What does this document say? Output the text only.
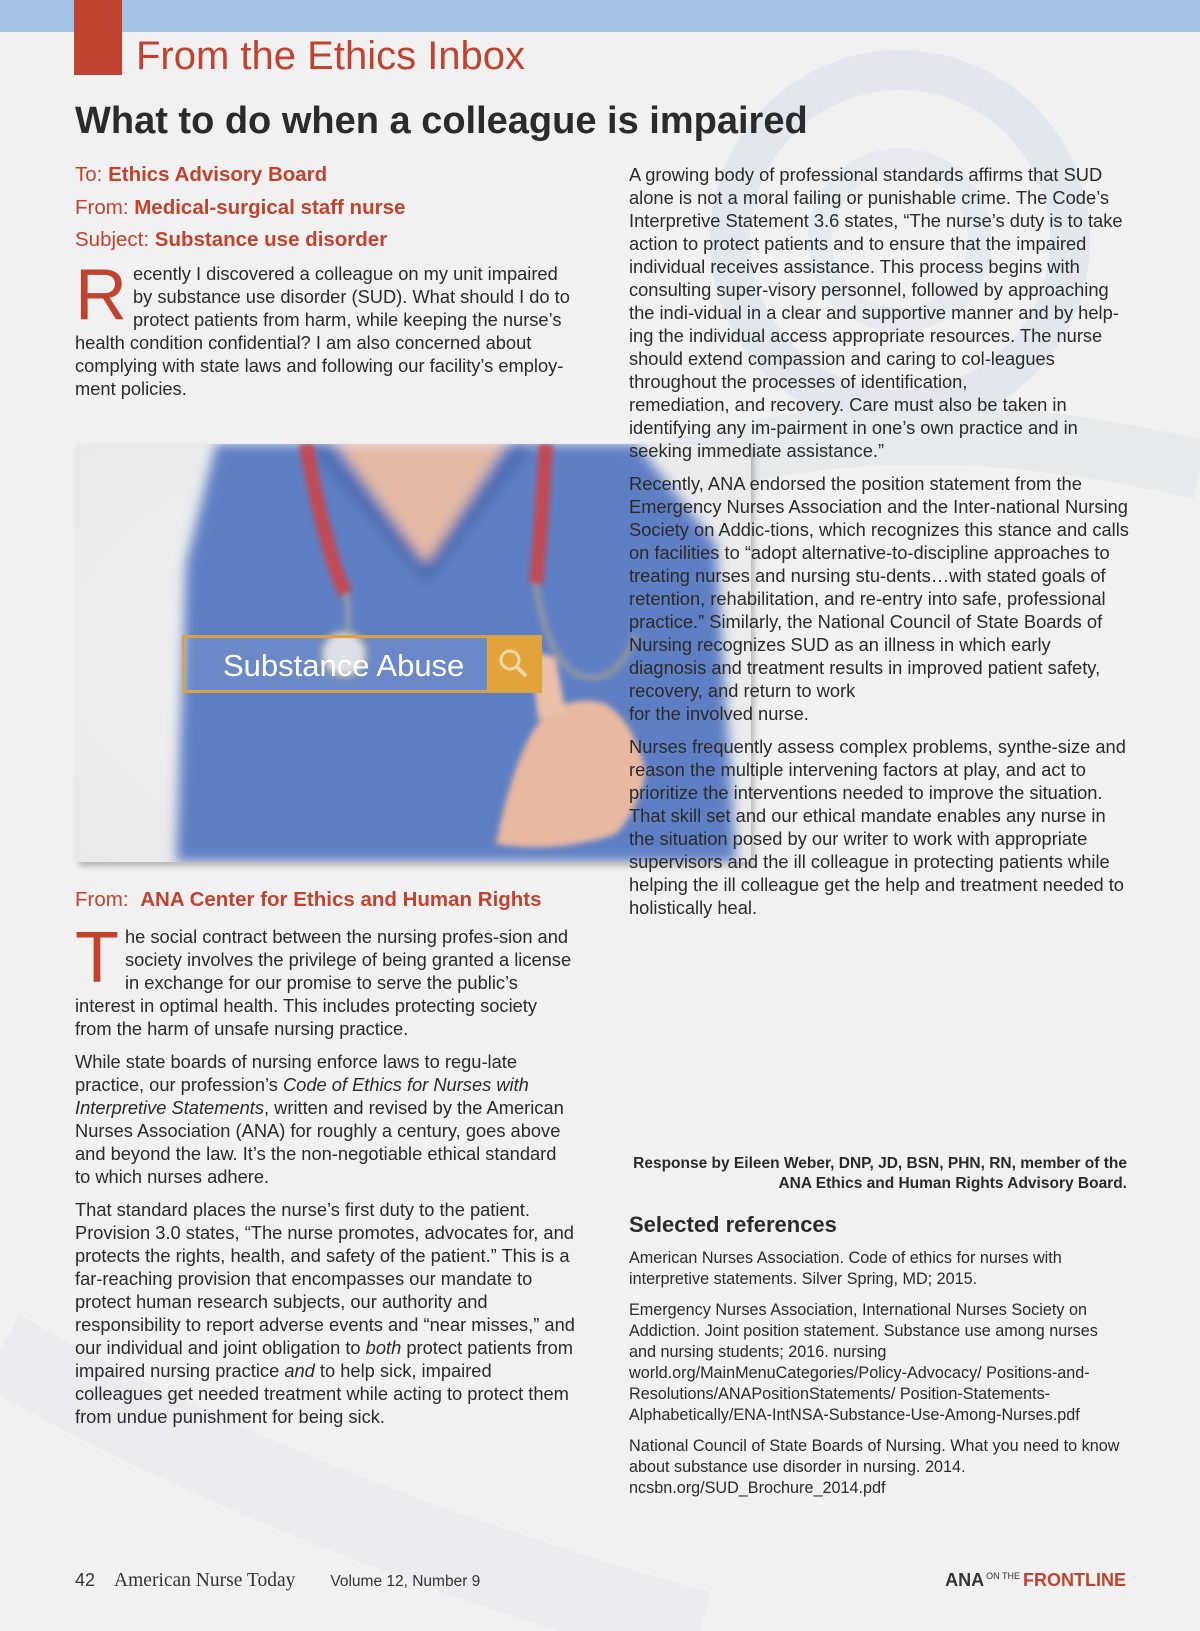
From the Ethics Inbox
What to do when a colleague is impaired
To: Ethics Advisory Board
From: Medical-surgical staff nurse
Subject: Substance use disorder

Recently I discovered a colleague on my unit impaired by substance use disorder (SUD). What should I do to protect patients from harm, while keeping the nurse’s health condition confidential? I am also concerned about complying with state laws and following our facility’s employ-ment policies.

Substance Abuse
From: ANA Center for Ethics and Human Rights

The social contract between the nursing profes-sion and society involves the privilege of being granted a license in exchange for our promise to serve the public’s interest in optimal health. This includes protecting society from the harm of unsafe nursing practice.

While state boards of nursing enforce laws to regu-late practice, our profession’s Code of Ethics for Nurses with Interpretive Statements, written and revised by the American Nurses Association (ANA) for roughly a century, goes above and beyond the law. It’s the non-negotiable ethical standard to which nurses adhere.

That standard places the nurse’s first duty to the patient. Provision 3.0 states, “The nurse promotes, advocates for, and protects the rights, health, and safety of the patient.” This is a far-reaching provision that encompasses our mandate to protect human research subjects, our authority and responsibility to report adverse events and “near misses,” and our individual and joint obligation to both protect patients from impaired nursing practice and to help sick, impaired colleagues get needed treatment while acting to protect them from undue punishment for being sick.

A growing body of professional standards affirms that SUD alone is not a moral failing or punishable crime. The Code’s Interpretive Statement 3.6 states, “The nurse’s duty is to take action to protect patients and to ensure that the impaired individual receives assistance. This process begins with consulting super-visory personnel, followed by approaching the indi-vidual in a clear and supportive manner and by help-ing the individual access appropriate resources. The nurse should extend compassion and caring to col-leagues throughout the processes of identification,

remediation, and recovery. Care must also be taken in identifying any im-pairment in one’s own practice and in seeking immediate assistance.”

Recently, ANA endorsed the position statement from the Emergency Nurses Association and the Inter-national Nursing Society on Addic-tions, which recognizes this stance and calls on facilities to “adopt alternative-to-discipline approaches to treating nurses and nursing stu-dents…with stated goals of retention, rehabilitation, and re-entry into safe, professional practice.” Similarly, the National Council of State Boards of Nursing recognizes SUD as an illness in which early diagnosis and treatment results in improved patient safety, recovery, and return to work

for the involved nurse.

Nurses frequently assess complex problems, synthe-size and reason the multiple intervening factors at play, and act to prioritize the interventions needed to improve the situation. That skill set and our ethical mandate enables any nurse in the situation posed by our writer to work with appropriate supervisors and the ill colleague in protecting patients while helping the ill colleague get the help and treatment needed to holistically heal.

Response by Eileen Weber, DNP, JD, BSN, PHN, RN, member of the ANA Ethics and Human Rights Advisory Board.
Selected references

American Nurses Association. Code of ethics for nurses with interpretive statements. Silver Spring, MD; 2015.

Emergency Nurses Association, International Nurses Society on Addiction. Joint position statement. Substance use among nurses and nursing students; 2016. nursing world.org/MainMenuCategories/Policy-Advocacy/ Positions-and-Resolutions/ANAPositionStatements/ Position-Statements-Alphabetically/ENA-IntNSA-Substance-Use-Among-Nurses.pdf

National Council of State Boards of Nursing. What you need to know about substance use disorder in nursing. 2014. ncsbn.org/SUD_Brochure_2014.pdf

42 American Nurse Today Volume 12, Number 9	ANA $^{ON THE}$ FRONTLINE
